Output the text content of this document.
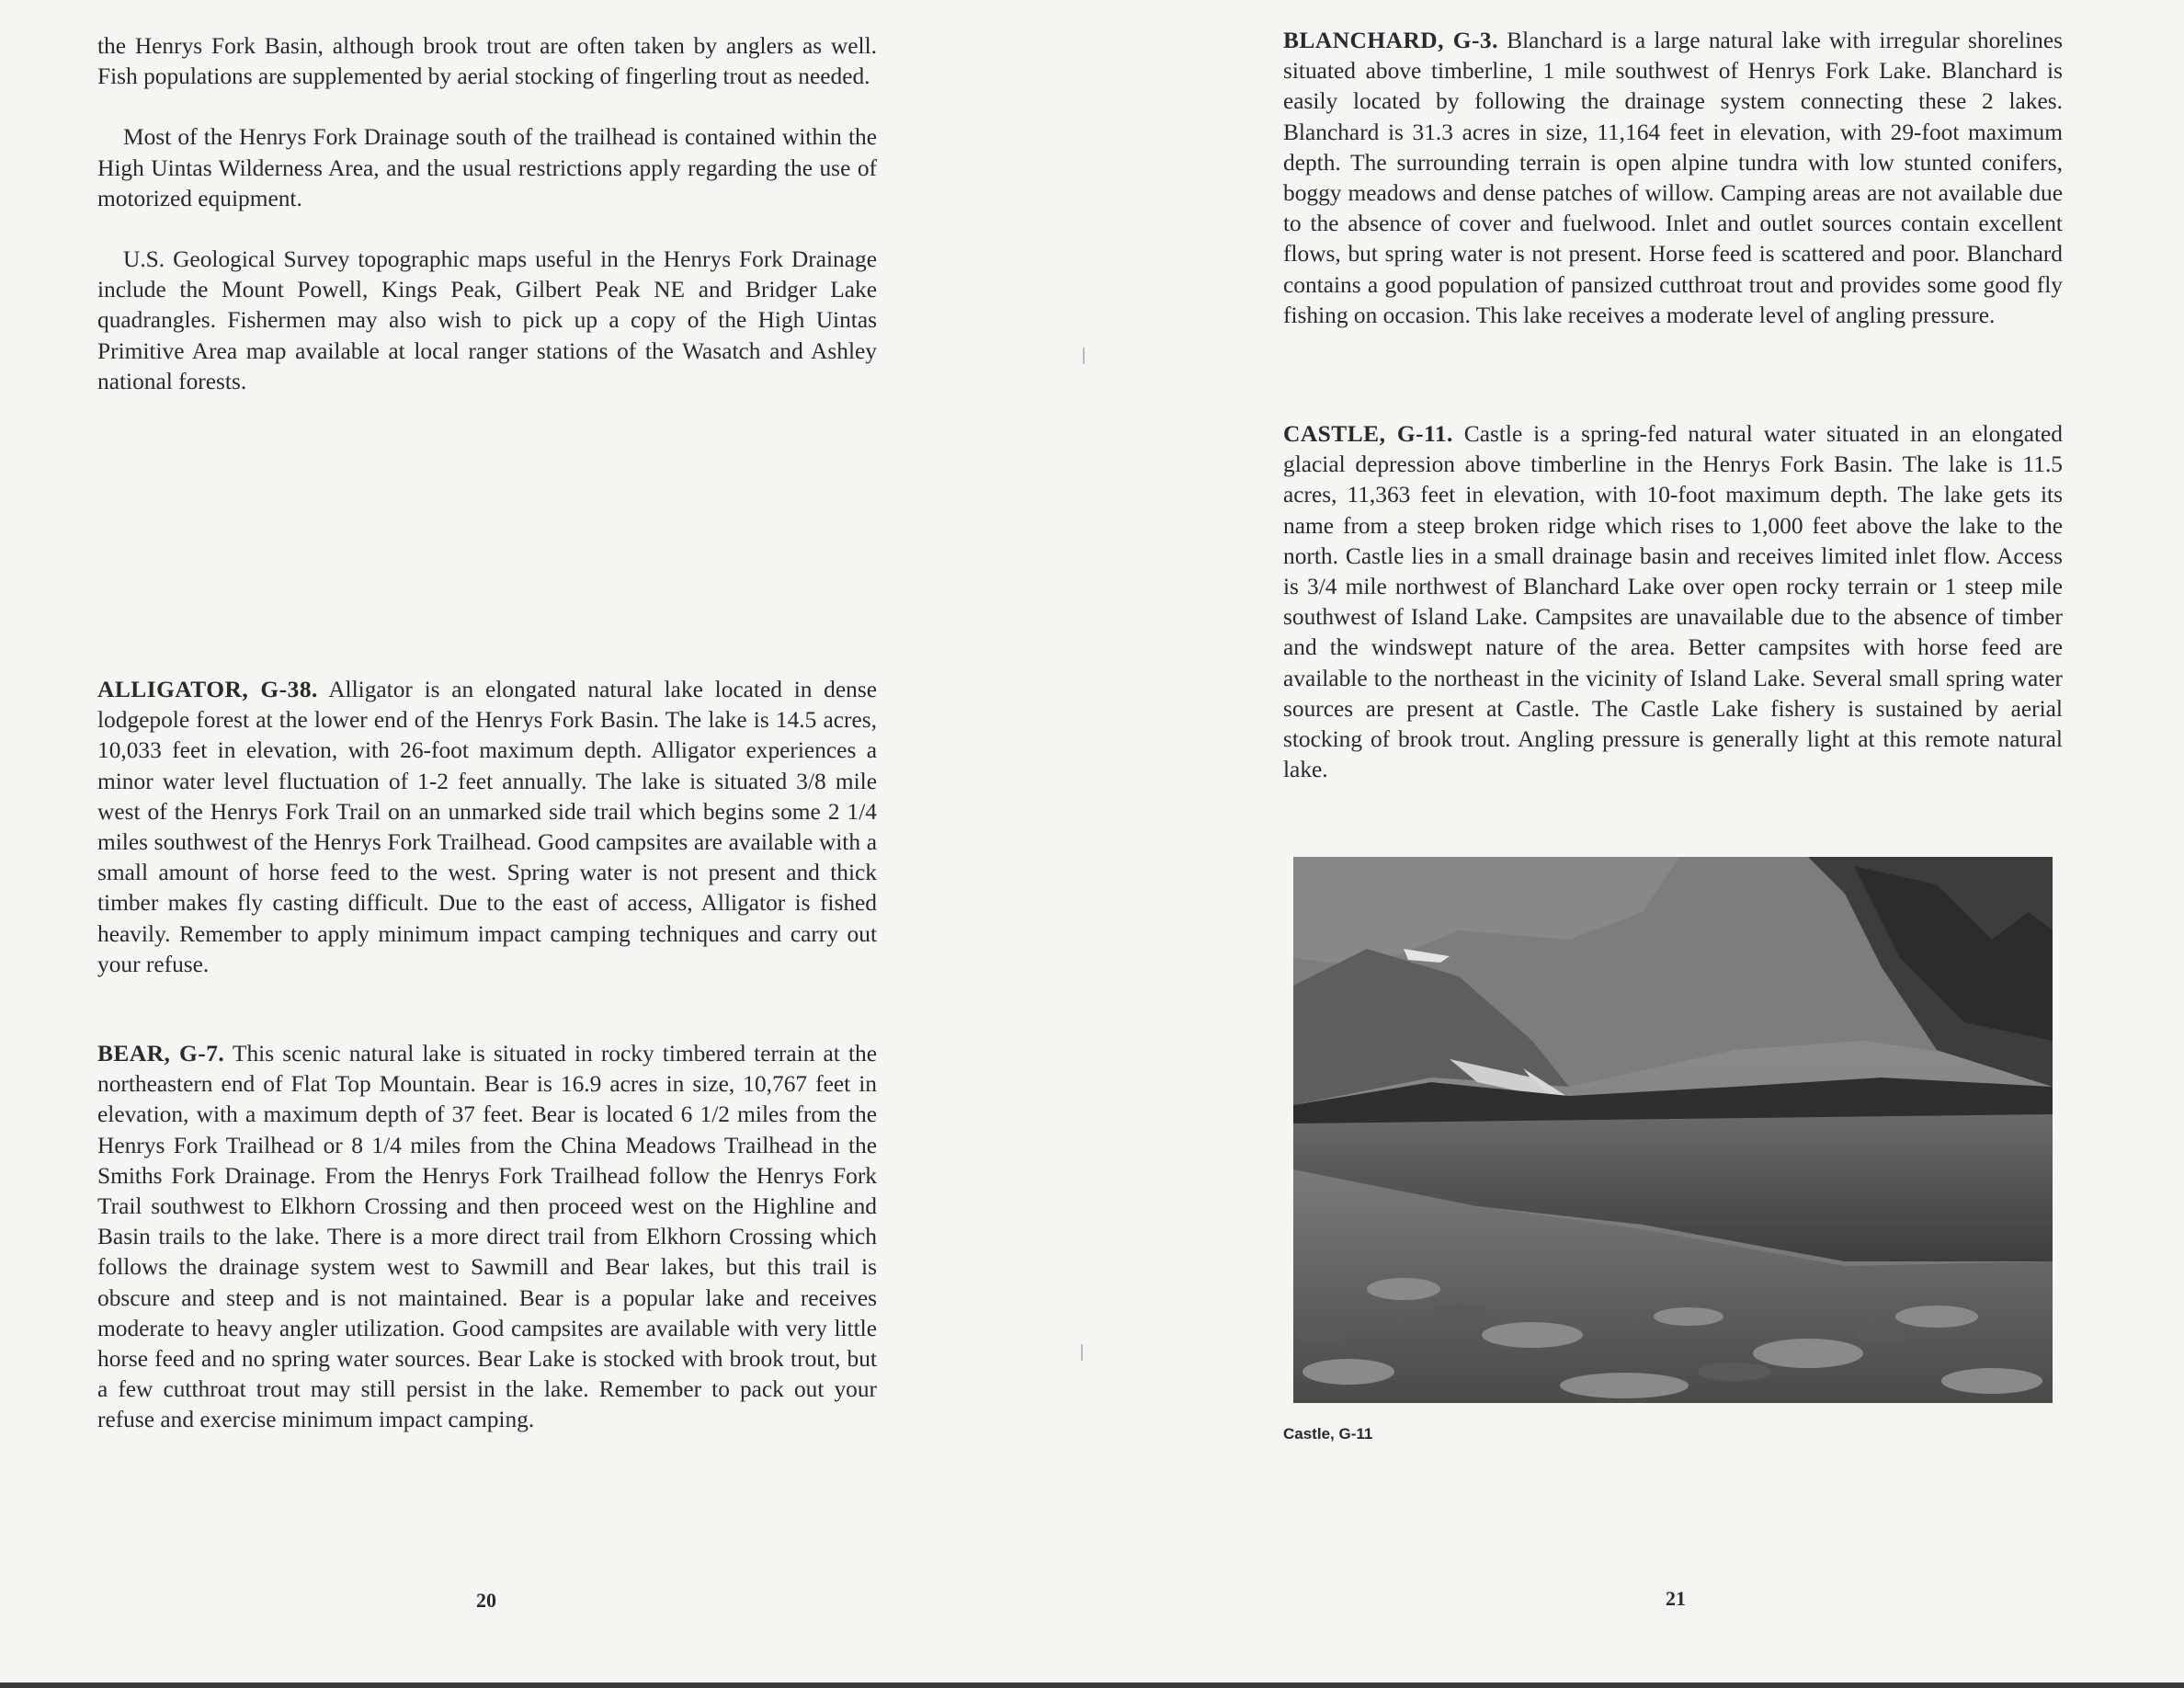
the Henrys Fork Basin, although brook trout are often taken by anglers as well. Fish populations are supplemented by aerial stocking of fingerling trout as needed.

Most of the Henrys Fork Drainage south of the trailhead is contained within the High Uintas Wilderness Area, and the usual restrictions apply regarding the use of motorized equipment.

U.S. Geological Survey topographic maps useful in the Henrys Fork Drainage include the Mount Powell, Kings Peak, Gilbert Peak NE and Bridger Lake quadrangles. Fishermen may also wish to pick up a copy of the High Uintas Primitive Area map available at local ranger stations of the Wasatch and Ashley national forests.

ALLIGATOR, G-38. Alligator is an elongated natural lake located in dense lodgepole forest at the lower end of the Henrys Fork Basin. The lake is 14.5 acres, 10,033 feet in elevation, with 26-foot maximum depth. Alligator experiences a minor water level fluctuation of 1-2 feet annually. The lake is situated 3/8 mile west of the Henrys Fork Trail on an unmarked side trail which begins some 2 1/4 miles southwest of the Henrys Fork Trailhead. Good campsites are available with a small amount of horse feed to the west. Spring water is not present and thick timber makes fly casting difficult. Due to the east of access, Alligator is fished heavily. Remember to apply minimum impact camping techniques and carry out your refuse.

BEAR, G-7. This scenic natural lake is situated in rocky timbered terrain at the northeastern end of Flat Top Mountain. Bear is 16.9 acres in size, 10,767 feet in elevation, with a maximum depth of 37 feet. Bear is located 6 1/2 miles from the Henrys Fork Trailhead or 8 1/4 miles from the China Meadows Trailhead in the Smiths Fork Drainage. From the Henrys Fork Trailhead follow the Henrys Fork Trail southwest to Elkhorn Crossing and then proceed west on the Highline and Basin trails to the lake. There is a more direct trail from Elkhorn Crossing which follows the drainage system west to Sawmill and Bear lakes, but this trail is obscure and steep and is not maintained. Bear is a popular lake and receives moderate to heavy angler utilization. Good campsites are available with very little horse feed and no spring water sources. Bear Lake is stocked with brook trout, but a few cutthroat trout may still persist in the lake. Remember to pack out your refuse and exercise minimum impact camping.

20

BLANCHARD, G-3. Blanchard is a large natural lake with irregular shorelines situated above timberline, 1 mile southwest of Henrys Fork Lake. Blanchard is easily located by following the drainage system connecting these 2 lakes. Blanchard is 31.3 acres in size, 11,164 feet in elevation, with 29-foot maximum depth. The surrounding terrain is open alpine tundra with low stunted conifers, boggy meadows and dense patches of willow. Camping areas are not available due to the absence of cover and fuelwood. Inlet and outlet sources contain excellent flows, but spring water is not present. Horse feed is scattered and poor. Blanchard contains a good population of pansized cutthroat trout and provides some good fly fishing on occasion. This lake receives a moderate level of angling pressure.

CASTLE, G-11. Castle is a spring-fed natural water situated in an elongated glacial depression above timberline in the Henrys Fork Basin. The lake is 11.5 acres, 11,363 feet in elevation, with 10-foot maximum depth. The lake gets its name from a steep broken ridge which rises to 1,000 feet above the lake to the north. Castle lies in a small drainage basin and receives limited inlet flow. Access is 3/4 mile northwest of Blanchard Lake over open rocky terrain or 1 steep mile southwest of Island Lake. Campsites are unavailable due to the absence of timber and the windswept nature of the area. Better campsites with horse feed are available to the northeast in the vicinity of Island Lake. Several small spring water sources are present at Castle. The Castle Lake fishery is sustained by aerial stocking of brook trout. Angling pressure is generally light at this remote natural lake.

Castle, G-11
21
